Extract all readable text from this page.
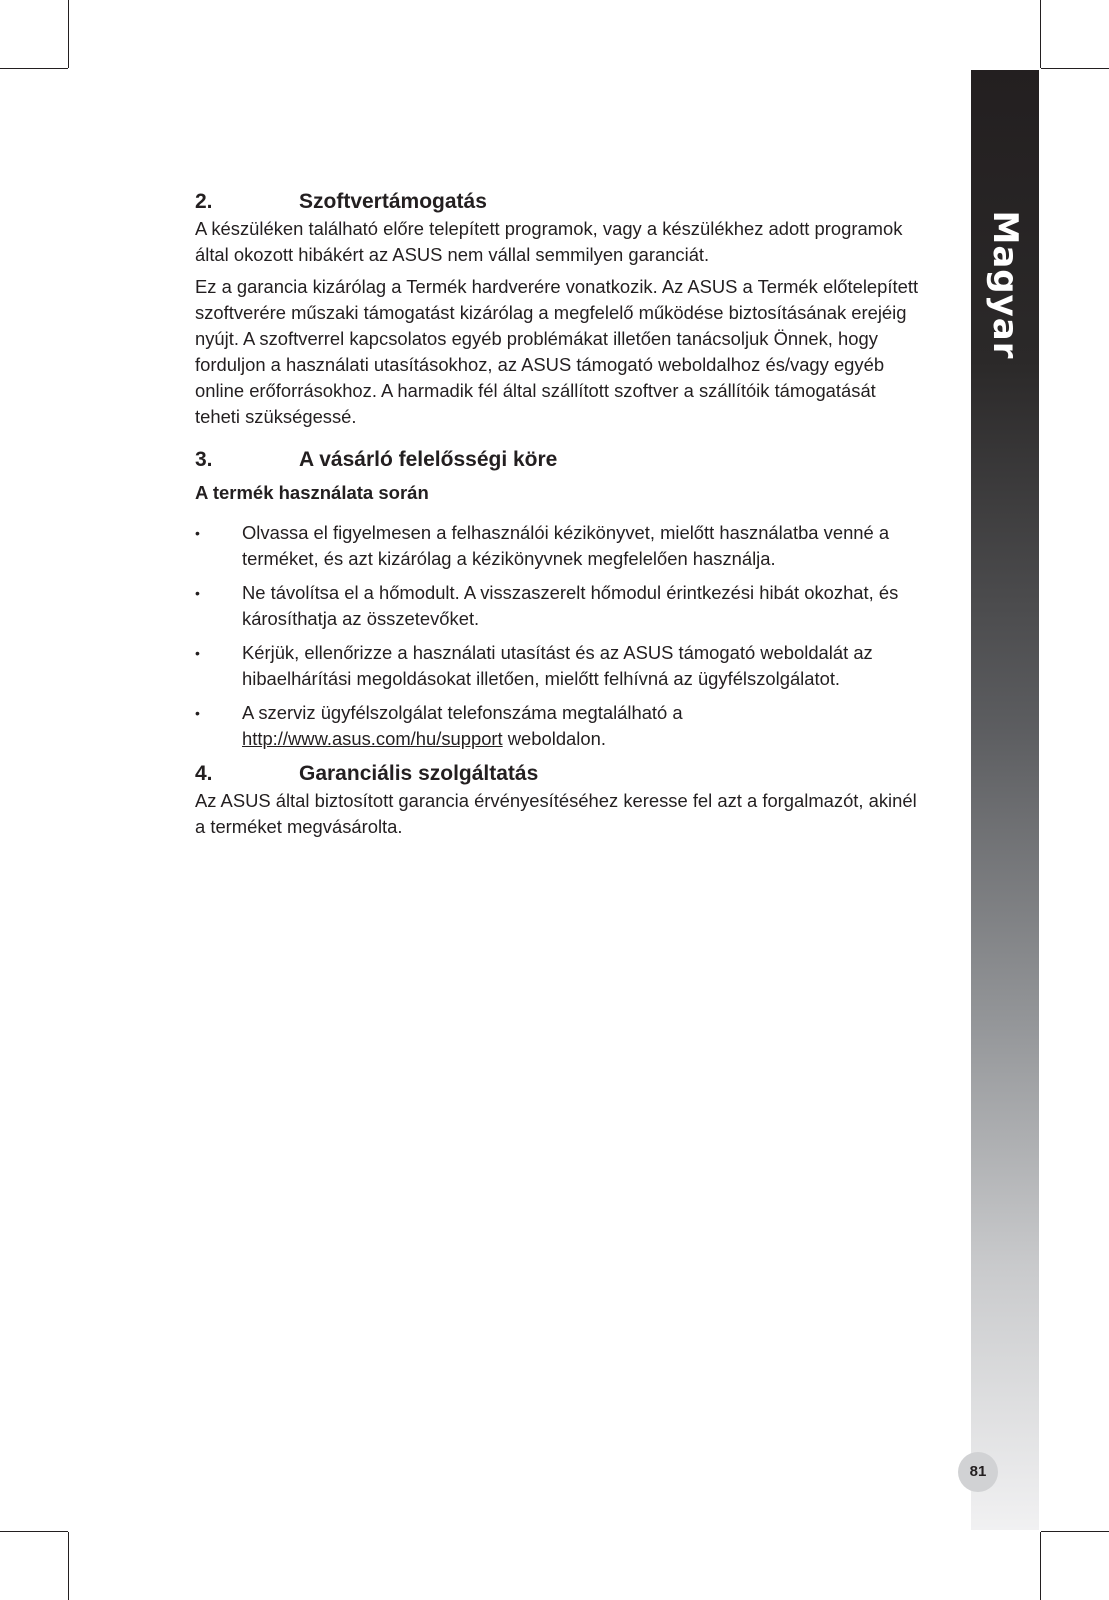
Magyar
81
2.	Szoftvertámogatás

A készüléken található előre telepített programok, vagy a készülékhez adott programok által okozott hibákért az ASUS nem vállal semmilyen garanciát.

Ez a garancia kizárólag a Termék hardverére vonatkozik. Az ASUS a Termék előtelepített szoftverére műszaki támogatást kizárólag a megfelelő működése biztosításának erejéig nyújt. A szoftverrel kapcsolatos egyéb problémákat illetően tanácsoljuk Önnek, hogy forduljon a használati utasításokhoz, az ASUS támogató weboldalhoz és/vagy egyéb online erőforrásokhoz. A harmadik fél által szállított szoftver a szállítóik támogatását teheti szükségessé.

3.	A vásárló felelősségi köre
A termék használata során
• Olvassa el figyelmesen a felhasználói kézikönyvet, mielőtt használatba venné a terméket, és azt kizárólag a kézikönyvnek megfelelően használja.
• Ne távolítsa el a hőmodult. A visszaszerelt hőmodul érintkezési hibát okozhat, és károsíthatja az összetevőket.
• Kérjük, ellenőrizze a használati utasítást és az ASUS támogató weboldalát az hibaelhárítási megoldásokat illetően, mielőtt felhívná az ügyfélszolgálatot.
• A szerviz ügyfélszolgálat telefonszáma megtalálható a http://www.asus.com/hu/support weboldalon.
4.	Garanciális szolgáltatás

Az ASUS által biztosított garancia érvényesítéséhez keresse fel azt a forgalmazót, akinél a terméket megvásárolta.
